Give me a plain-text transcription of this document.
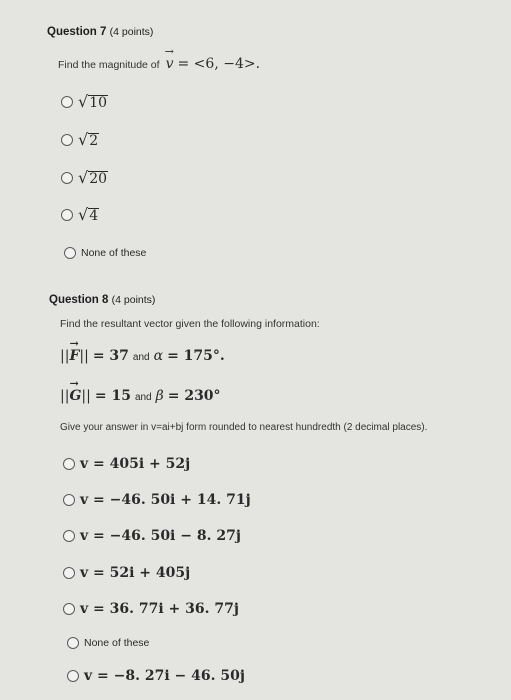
Question 7 (4 points)
Find the magnitude of
→
v = <6, −4>.
√ 10
√ 2
√ 20
√ 4
None of these
Question 8 (4 points)
Find the resultant vector given the following information:
|| → F || = 37 and α = 175°.
|| → G || = 15 and β = 230°
Give your answer in v=ai+bj form rounded to nearest hundredth (2 decimal places).
v = 405i + 52j
v = −46. 50i + 14. 71j
v = −46. 50i − 8. 27j
v = 52i + 405j
v = 36. 77i + 36. 77j
None of these
v = −8. 27i − 46. 50j
